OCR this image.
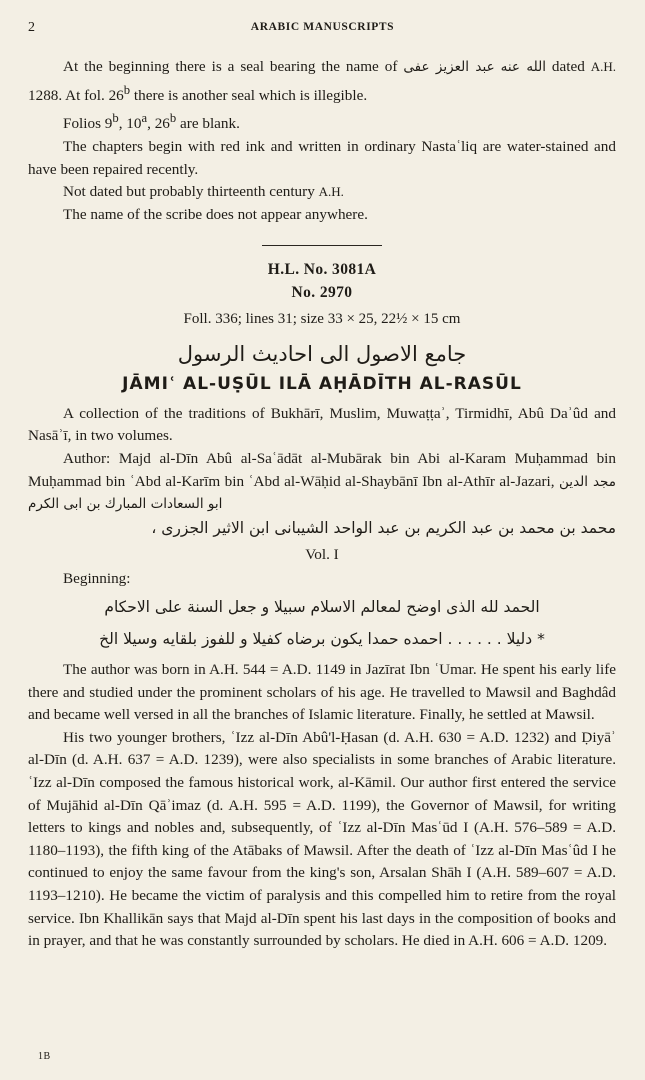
2	ARABIC MANUSCRIPTS

At the beginning there is a seal bearing the name of عبد العزيز عفى الله عنه dated A.H. 1288. At fol. 26$^b$ there is another seal which is illegible.

Folios 9$^b$, 10$^a$, 26$^b$ are blank.

The chapters begin with red ink and written in ordinary Nastaʿliq are water-stained and have been repaired recently.

Not dated but probably thirteenth century A.H.

The name of the scribe does not appear anywhere.

H.L. No. 3081A
No. 2970
Foll. 336; lines 31; size 33 × 25, 22½ × 15 cm
جامع الاصول الى احاديث الرسول
JĀMIʿ AL-UṢŪL ILĀ AḤĀDĪTH AL-RASŪL

A collection of the traditions of Bukhārī, Muslim, Muwaṭṭaʾ, Tirmidhī, Abû Daʾûd and Nasāʾī, in two volumes.

Author: Majd al-Dīn Abû al-Saʿādāt al-Mubārak bin Abi al-Karam Muḥammad bin Muḥammad bin ʿAbd al-Karīm bin ʿAbd al-Wāḥid al-Shaybānī Ibn al-Athīr al-Jazari, مجد الدين ابو السعادات المبارك بن ابى الكرم

محمد بن محمد بن عبد الكريم بن عبد الواحد الشيبانى ابن الاثير الجزرى ،
Vol. I

Beginning:

الحمد لله الذى اوضح لمعالم الاسلام سبيلا و جعل السنة على الاحكام
* دليلا . . . . . . احمده حمدا يكون برضاه كفيلا و للفوز بلقايه وسيلا الخ

The author was born in A.H. 544 = A.D. 1149 in Jazīrat Ibn ʿUmar. He spent his early life there and studied under the prominent scholars of his age. He travelled to Mawsil and Baghdâd and became well versed in all the branches of Islamic literature. Finally, he settled at Mawsil.

His two younger brothers, ʿIzz al-Dīn Abû'l-Ḥasan (d. A.H. 630 = A.D. 1232) and Ḍiyāʾ al-Dīn (d. A.H. 637 = A.D. 1239), were also specialists in some branches of Arabic literature. ʿIzz al-Dīn composed the famous historical work, al-Kāmil. Our author first entered the service of Mujāhid al-Dīn Qāʾimaz (d. A.H. 595 = A.D. 1199), the Governor of Mawsil, for writing letters to kings and nobles and, subsequently, of ʿIzz al-Dīn Masʿūd I (A.H. 576–589 = A.D. 1180–1193), the fifth king of the Atābaks of Mawsil. After the death of ʿIzz al-Dīn Masʿûd I he continued to enjoy the same favour from the king's son, Arsalan Shāh I (A.H. 589–607 = A.D. 1193–1210). He became the victim of paralysis and this compelled him to retire from the royal service. Ibn Khallikān says that Majd al-Dīn spent his last days in the composition of books and in prayer, and that he was constantly surrounded by scholars. He died in A.H. 606 = A.D. 1209.

1B
